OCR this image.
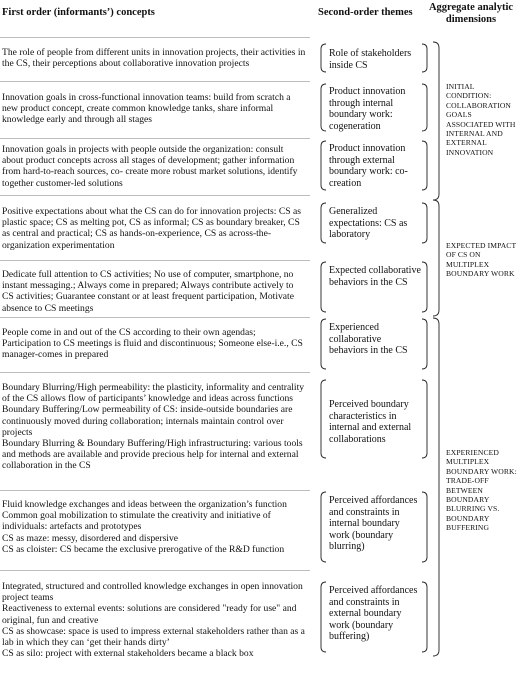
First order (informants’) concepts	Second-order themes	Aggregate analytic dimensions
The role of people from different units in innovation projects, their activities in the CS, their perceptions about collaborative innovation projects
Innovation goals in cross-functional innovation teams: build from scratch a new product concept, create common knowledge tanks, share informal knowledge early and through all stages
Innovation goals in projects with people outside the organization: consult about product concepts across all stages of development; gather information from hard-to-reach sources, co- create more robust market solutions, identify together customer-led solutions
Positive expectations about what the CS can do for innovation projects: CS as plastic space; CS as melting pot, CS as informal; CS as boundary breaker, CS as central and practical; CS as hands-on-experience, CS as across-the-organization experimentation
Dedicate full attention to CS activities; No use of computer, smartphone, no instant messaging.; Always come in prepared; Always contribute actively to CS activities; Guarantee constant or at least frequent participation, Motivate absence to CS meetings
People come in and out of the CS according to their own agendas; Participation to CS meetings is fluid and discontinuous; Someone else-i.e., CS manager-comes in prepared
Boundary Blurring/High permeability: the plasticity, informality and centrality of the CS allows flow of participants’ knowledge and ideas across functions
Boundary Buffering/Low permeability of CS: inside-outside boundaries are continuously moved during collaboration; internals maintain control over projects
Boundary Blurring & Boundary Buffering/High infrastructuring: various tools and methods are available and provide precious help for internal and external collaboration in the CS
Fluid knowledge exchanges and ideas between the organization’s function
Common goal mobilization to stimulate the creativity and initiative of individuals: artefacts and prototypes
CS as maze: messy, disordered and dispersive
CS as cloister: CS became the exclusive prerogative of the R&D function
Integrated, structured and controlled knowledge exchanges in open innovation project teams
Reactiveness to external events: solutions are considered "ready for use" and original, fun and creative
CS as showcase: space is used to impress external stakeholders rather than as a lab in which they can ‘get their hands dirty’
CS as silo: project with external stakeholders became a black box
Role of stakeholders inside CS
Product innovation through internal boundary work: cogeneration
Product innovation through external boundary work: co-creation
Generalized expectations: CS as laboratory
Expected collaborative behaviors in the CS
Experienced collaborative behaviors in the CS
Perceived boundary characteristics in internal and external collaborations
Perceived affordances and constraints in internal boundary work (boundary blurring)
Perceived affordances and constraints in external boundary work (boundary buffering)
INITIAL CONDITION: COLLABORATION GOALS ASSOCIATED WITH INTERNAL AND EXTERNAL INNOVATION
EXPECTED IMPACT OF CS ON MULTIPLEX BOUNDARY WORK
EXPERIENCED MULTIPLEX BOUNDARY WORK: TRADE-OFF BETWEEN BOUNDARY BLURRING VS. BOUNDARY BUFFERING
